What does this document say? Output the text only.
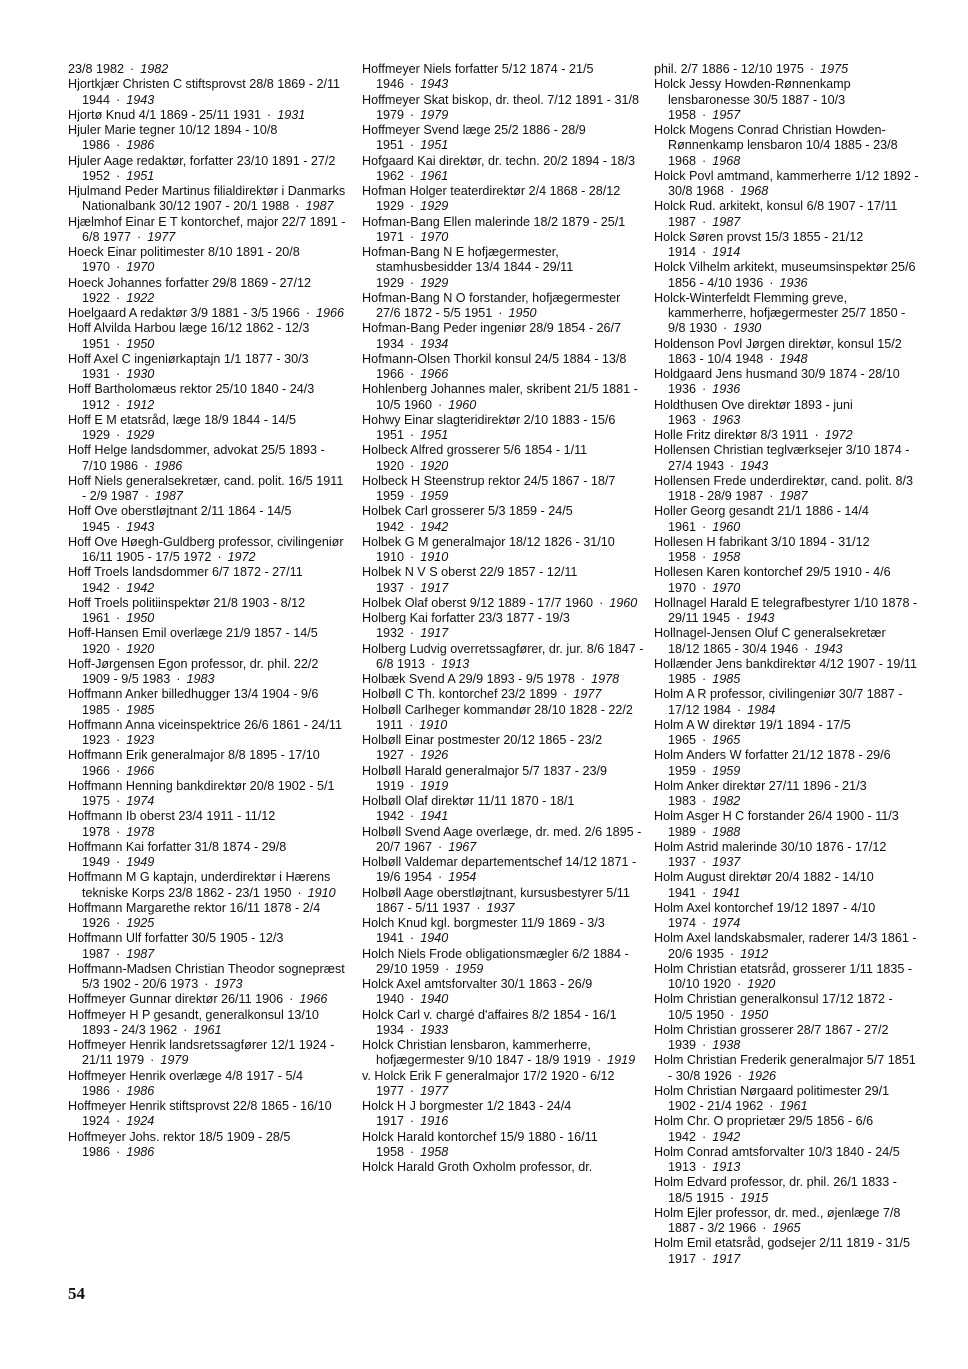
23/8 1982 · 1982
Hjortkjær Christen C stiftsprovst 28/8 1869 - 2/11 1944 · 1943
Hjortø Knud 4/1 1869 - 25/11 1931 · 1931
Hjuler Marie tegner 10/12 1894 - 10/8 1986 · 1986
Hjuler Aage redaktør, forfatter 23/10 1891 - 27/2 1952 · 1951
Hjulmand Peder Martinus filialdirektør i Danmarks Nationalbank 30/12 1907 - 20/1 1988 · 1987
Hjælmhof Einar E T kontorchef, major 22/7 1891 - 6/8 1977 · 1977
Hoeck Einar politimester 8/10 1891 - 20/8 1970 · 1970
Hoeck Johannes forfatter 29/8 1869 - 27/12 1922 · 1922
Hoelgaard A redaktør 3/9 1881 - 3/5 1966 · 1966
Hoff Alvilda Harbou læge 16/12 1862 - 12/3 1951 · 1950
Hoff Axel C ingeniørkaptajn 1/1 1877 - 30/3 1931 · 1930
Hoff Bartholomæus rektor 25/10 1840 - 24/3 1912 · 1912
Hoff E M etatsråd, læge 18/9 1844 - 14/5 1929 · 1929
Hoff Helge landsdommer, advokat 25/5 1893 - 7/10 1986 · 1986
Hoff Niels generalsekretær, cand. polit. 16/5 1911 - 2/9 1987 · 1987
Hoff Ove oberstløjtnant 2/11 1864 - 14/5 1945 · 1943
Hoff Ove Høegh-Guldberg professor, civilingeniør 16/11 1905 - 17/5 1972 · 1972
Hoff Troels landsdommer 6/7 1872 - 27/11 1942 · 1942
Hoff Troels politiinspektør 21/8 1903 - 8/12 1961 · 1950
Hoff-Hansen Emil overlæge 21/9 1857 - 14/5 1920 · 1920
Hoff-Jørgensen Egon professor, dr. phil. 22/2 1909 - 9/5 1983 · 1983
Hoffmann Anker billedhugger 13/4 1904 - 9/6 1985 · 1985
Hoffmann Anna viceinspektrice 26/6 1861 - 24/11 1923 · 1923
Hoffmann Erik generalmajor 8/8 1895 - 17/10 1966 · 1966
Hoffmann Henning bankdirektør 20/8 1902 - 5/1 1975 · 1974
Hoffmann Ib oberst 23/4 1911 - 11/12 1978 · 1978
Hoffmann Kai forfatter 31/8 1874 - 29/8 1949 · 1949
Hoffmann M G kaptajn, underdirektør i Hærens tekniske Korps 23/8 1862 - 23/1 1950 · 1910
Hoffmann Margarethe rektor 16/11 1878 - 2/4 1926 · 1925
Hoffmann Ulf forfatter 30/5 1905 - 12/3 1987 · 1987
Hoffmann-Madsen Christian Theodor sognepræst 5/3 1902 - 20/6 1973 · 1973
Hoffmeyer Gunnar direktør 26/11 1906 · 1966
Hoffmeyer H P gesandt, generalkonsul 13/10 1893 - 24/3 1962 · 1961
Hoffmeyer Henrik landsretssagfører 12/1 1924 - 21/11 1979 · 1979
Hoffmeyer Henrik overlæge 4/8 1917 - 5/4 1986 · 1986
Hoffmeyer Henrik stiftsprovst 22/8 1865 - 16/10 1924 · 1924
Hoffmeyer Johs. rektor 18/5 1909 - 28/5 1986 · 1986
Hoffmeyer Niels forfatter 5/12 1874 - 21/5 1946 · 1943
Hoffmeyer Skat biskop, dr. theol. 7/12 1891 - 31/8 1979 · 1979
Hoffmeyer Svend læge 25/2 1886 - 28/9 1951 · 1951
Hofgaard Kai direktør, dr. techn. 20/2 1894 - 18/3 1962 · 1961
Hofman Holger teaterdirektør 2/4 1868 - 28/12 1929 · 1929
Hofman-Bang Ellen malerinde 18/2 1879 - 25/1 1971 · 1970
Hofman-Bang N E hofjægermester, stamhusbesidder 13/4 1844 - 29/11 1929 · 1929
Hofman-Bang N O forstander, hofjægermester 27/6 1872 - 5/5 1951 · 1950
Hofman-Bang Peder ingeniør 28/9 1854 - 26/7 1934 · 1934
Hofmann-Olsen Thorkil konsul 24/5 1884 - 13/8 1966 · 1966
Hohlenberg Johannes maler, skribent 21/5 1881 - 10/5 1960 · 1960
Hohwy Einar slagteridirektør 2/10 1883 - 15/6 1951 · 1951
Holbeck Alfred grosserer 5/6 1854 - 1/11 1920 · 1920
Holbeck H Steenstrup rektor 24/5 1867 - 18/7 1959 · 1959
Holbek Carl grosserer 5/3 1859 - 24/5 1942 · 1942
Holbek G M generalmajor 18/12 1826 - 31/10 1910 · 1910
Holbek N V S oberst 22/9 1857 - 12/11 1937 · 1917
Holbek Olaf oberst 9/12 1889 - 17/7 1960 · 1960
Holberg Kai forfatter 23/3 1877 - 19/3 1932 · 1917
Holberg Ludvig overretssagfører, dr. jur. 8/6 1847 - 6/8 1913 · 1913
Holbæk Svend A 29/9 1893 - 9/5 1978 · 1978
Holbøll C Th. kontorchef 23/2 1899 · 1977
Holbøll Carlheger kommandør 28/10 1828 - 22/2 1911 · 1910
Holbøll Einar postmester 20/12 1865 - 23/2 1927 · 1926
Holbøll Harald generalmajor 5/7 1837 - 23/9 1919 · 1919
Holbøll Olaf direktør 11/11 1870 - 18/1 1942 · 1941
Holbøll Svend Aage overlæge, dr. med. 2/6 1895 - 20/7 1967 · 1967
Holbøll Valdemar departementschef 14/12 1871 - 19/6 1954 · 1954
Holbøll Aage oberstløjtnant, kursusbestyrer 5/11 1867 - 5/11 1937 · 1937
Holch Knud kgl. borgmester 11/9 1869 - 3/3 1941 · 1940
Holch Niels Frode obligationsmægler 6/2 1884 - 29/10 1959 · 1959
Holck Axel amtsforvalter 30/1 1863 - 26/9 1940 · 1940
Holck Carl v. chargé d'affaires 8/2 1854 - 16/1 1934 · 1933
Holck Christian lensbaron, kammerherre, hofjægermester 9/10 1847 - 18/9 1919 · 1919
v. Holck Erik F generalmajor 17/2 1920 - 6/12 1977 · 1977
Holck H J borgmester 1/2 1843 - 24/4 1917 · 1916
Holck Harald kontorchef 15/9 1880 - 16/11 1958 · 1958
Holck Harald Groth Oxholm professor, dr.
phil. 2/7 1886 - 12/10 1975 · 1975
Holck Jessy Howden-Rønnenkamp lensbaronesse 30/5 1887 - 10/3 1958 · 1957
Holck Mogens Conrad Christian Howden-Rønnenkamp lensbaron 10/4 1885 - 23/8 1968 · 1968
Holck Povl amtmand, kammerherre 1/12 1892 - 30/8 1968 · 1968
Holck Rud. arkitekt, konsul 6/8 1907 - 17/11 1987 · 1987
Holck Søren provst 15/3 1855 - 21/12 1914 · 1914
Holck Vilhelm arkitekt, museumsinspektør 25/6 1856 - 4/10 1936 · 1936
Holck-Winterfeldt Flemming greve, kammerherre, hofjægermester 25/7 1850 - 9/8 1930 · 1930
Holdenson Povl Jørgen direktør, konsul 15/2 1863 - 10/4 1948 · 1948
Holdgaard Jens husmand 30/9 1874 - 28/10 1936 · 1936
Holdthusen Ove direktør 1893 - juni 1963 · 1963
Holle Fritz direktør 8/3 1911 · 1972
Hollensen Christian teglværksejer 3/10 1874 - 27/4 1943 · 1943
Hollensen Frede underdirektør, cand. polit. 8/3 1918 - 28/9 1987 · 1987
Holler Georg gesandt 21/1 1886 - 14/4 1961 · 1960
Hollesen H fabrikant 3/10 1894 - 31/12 1958 · 1958
Hollesen Karen kontorchef 29/5 1910 - 4/6 1970 · 1970
Hollnagel Harald E telegrafbestyrer 1/10 1878 - 29/11 1945 · 1943
Hollnagel-Jensen Oluf C generalsekretær 18/12 1865 - 30/4 1946 · 1943
Hollænder Jens bankdirektør 4/12 1907 - 19/11 1985 · 1985
Holm A R professor, civilingeniør 30/7 1887 - 17/12 1984 · 1984
Holm A W direktør 19/1 1894 - 17/5 1965 · 1965
Holm Anders W forfatter 21/12 1878 - 29/6 1959 · 1959
Holm Anker direktør 27/11 1896 - 21/3 1983 · 1982
Holm Asger H C forstander 26/4 1900 - 11/3 1989 · 1988
Holm Astrid malerinde 30/10 1876 - 17/12 1937 · 1937
Holm August direktør 20/4 1882 - 14/10 1941 · 1941
Holm Axel kontorchef 19/12 1897 - 4/10 1974 · 1974
Holm Axel landskabsmaler, raderer 14/3 1861 - 20/6 1935 · 1912
Holm Christian etatsråd, grosserer 1/11 1835 - 10/10 1920 · 1920
Holm Christian generalkonsul 17/12 1872 - 10/5 1950 · 1950
Holm Christian grosserer 28/7 1867 - 27/2 1939 · 1938
Holm Christian Frederik generalmajor 5/7 1851 - 30/8 1926 · 1926
Holm Christian Nørgaard politimester 29/1 1902 - 21/4 1962 · 1961
Holm Chr. O proprietær 29/5 1856 - 6/6 1942 · 1942
Holm Conrad amtsforvalter 10/3 1840 - 24/5 1913 · 1913
Holm Edvard professor, dr. phil. 26/1 1833 - 18/5 1915 · 1915
Holm Ejler professor, dr. med., øjenlæge 7/8 1887 - 3/2 1966 · 1965
Holm Emil etatsråd, godsejer 2/11 1819 - 31/5 1917 · 1917
54
